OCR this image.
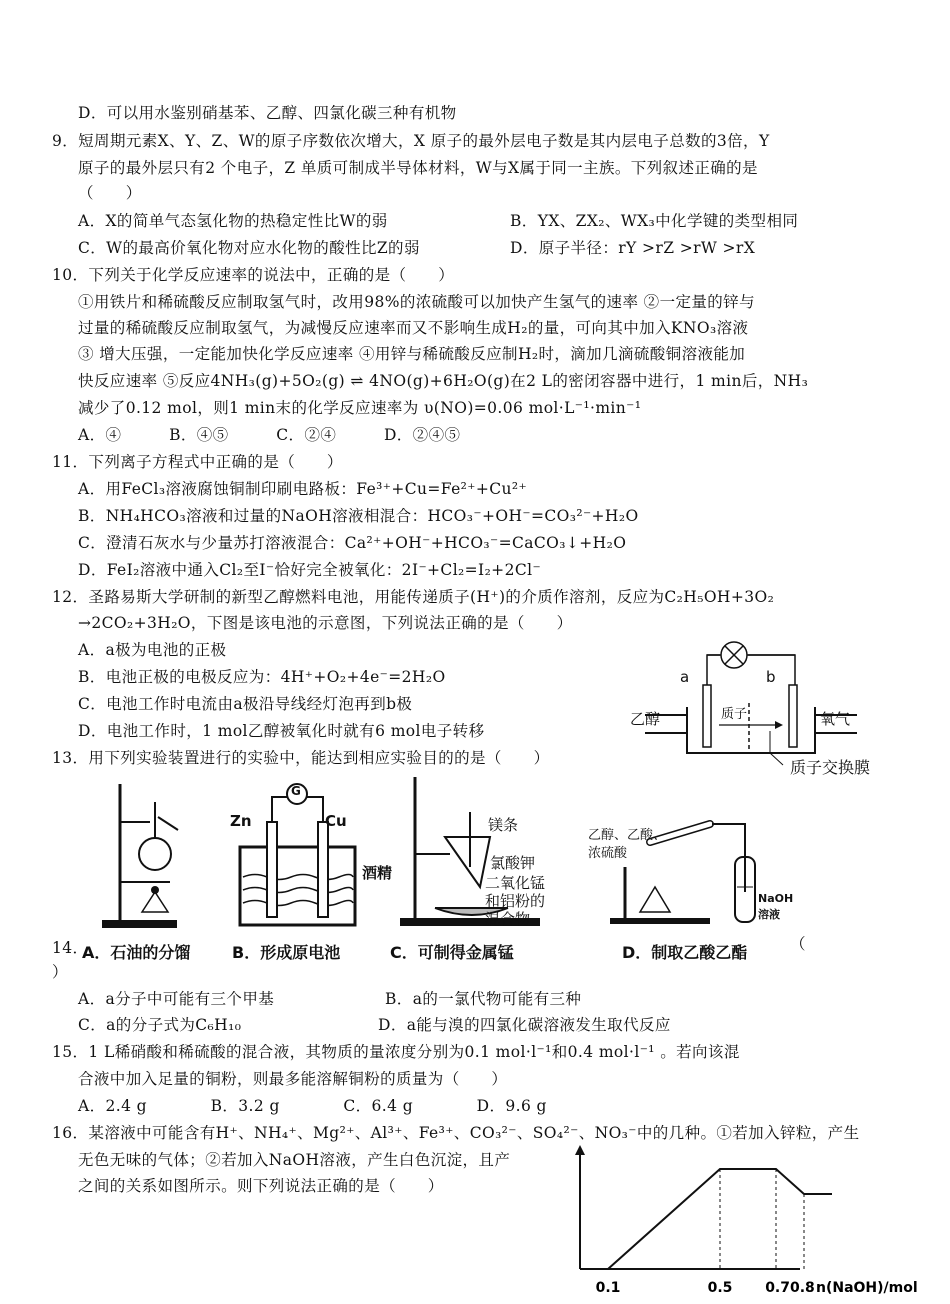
D．可以用水鉴别硝基苯、乙醇、四氯化碳三种有机物
9．短周期元素X、Y、Z、W的原子序数依次增大，X 原子的最外层电子数是其内层电子总数的3倍，Y
原子的最外层只有2 个电子，Z 单质可制成半导体材料，W与X属于同一主族。下列叙述正确的是
（　　）
A．X的简单气态氢化物的热稳定性比W的弱	B．YX、ZX₂、WX₃中化学键的类型相同
C．W的最高价氧化物对应水化物的酸性比Z的弱	D．原子半径：rY >rZ >rW >rX
10．下列关于化学反应速率的说法中，正确的是（　　）
①用铁片和稀硫酸反应制取氢气时，改用98%的浓硫酸可以加快产生氢气的速率 ②一定量的锌与
过量的稀硫酸反应制取氢气，为减慢反应速率而又不影响生成H₂的量，可向其中加入KNO₃溶液
③ 增大压强，一定能加快化学反应速率 ④用锌与稀硫酸反应制H₂时，滴加几滴硫酸铜溶液能加
快反应速率 ⑤反应4NH₃(g)+5O₂(g) ⇌ 4NO(g)+6H₂O(g)在2 L的密闭容器中进行，1 min后，NH₃
减少了0.12 mol，则1 min末的化学反应速率为 υ(NO)=0.06 mol·L⁻¹·min⁻¹
A．④　　　B．④⑤　　　C．②④　　　D．②④⑤
11．下列离子方程式中正确的是（　　）
A．用FeCl₃溶液腐蚀铜制印刷电路板：Fe³⁺+Cu=Fe²⁺+Cu²⁺
B．NH₄HCO₃溶液和过量的NaOH溶液相混合：HCO₃⁻+OH⁻=CO₃²⁻+H₂O
C．澄清石灰水与少量苏打溶液混合：Ca²⁺+OH⁻+HCO₃⁻=CaCO₃↓+H₂O
D．FeI₂溶液中通入Cl₂至I⁻恰好完全被氧化：2I⁻+Cl₂=I₂+2Cl⁻
12．圣路易斯大学研制的新型乙醇燃料电池，用能传递质子(H⁺)的介质作溶剂，反应为C₂H₅OH+3O₂
→2CO₂+3H₂O，下图是该电池的示意图，下列说法正确的是（　　）
A．a极为电池的正极
B．电池正极的电极反应为：4H⁺+O₂+4e⁻=2H₂O
C．电池工作时电流由a极沿导线经灯泡再到b极
D．电池工作时，1 mol乙醇被氧化时就有6 mol电子转移
a	b
乙醇	氧气
质子
质子交换膜
13．用下列实验装置进行的实验中，能达到相应实验目的的是（　　）
Zn	Cu
G
酒精
镁条
氯酸钾
二氧化锰
和铝粉的
混合物
乙醇、乙酸、
浓硫酸
NaOH
溶液
14．
A．石油的分馏	B．形成原电池	C．可制得金属锰	D．制取乙酸乙酯	（
）
A．a分子中可能有三个甲基	B．a的一氯代物可能有三种
C．a的分子式为C₆H₁₀	D．a能与溴的四氯化碳溶液发生取代反应
15．1 L稀硝酸和稀硫酸的混合液，其物质的量浓度分别为0.1 mol·l⁻¹和0.4 mol·l⁻¹ 。若向该混
合液中加入足量的铜粉，则最多能溶解铜粉的质量为（　　）
A．2.4 g　　　　B．3.2 g　　　　C．6.4 g　　　　D．9.6 g
16．某溶液中可能含有H⁺、NH₄⁺、Mg²⁺、Al³⁺、Fe³⁺、CO₃²⁻、SO₄²⁻、NO₃⁻中的几种。①若加入锌粒，产生
无色无味的气体；②若加入NaOH溶液，产生白色沉淀，且产
之间的关系如图所示。则下列说法正确的是（　　）
0.1	0.5 0.70.8 n(NaOH)/mol
